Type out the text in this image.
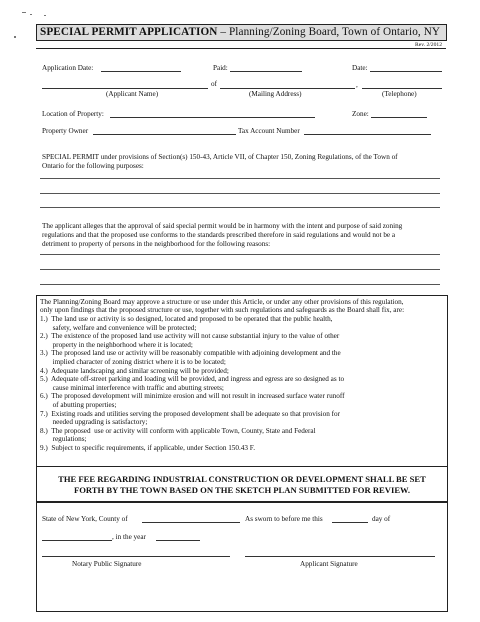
SPECIAL PERMIT APPLICATION – Planning/Zoning Board, Town of Ontario, NY
Rev. 2/2012
Application Date:	Paid:	Date:
of	,
(Applicant Name)	(Mailing Address)	(Telephone)
Location of Property:	Zone:
Property Owner	Tax Account Number
SPECIAL PERMIT under provisions of Section(s) 150-43, Article VII, of Chapter 150, Zoning Regulations, of the Town of
Ontario for the following purposes:
The applicant alleges that the approval of said special permit would be in harmony with the intent and purpose of said zoning
regulations and that the proposed use conforms to the standards prescribed therefore in said regulations and would not be a
detriment to property of persons in the neighborhood for the following reasons:
The Planning/Zoning Board may approve a structure or use under this Article, or under any other provisions of this regulation,
only upon findings that the proposed structure or use, together with such regulations and safeguards as the Board shall fix, are:
1.)  The land use or activity is so designed, located and proposed to be operated that the public health,
safety, welfare and convenience will be protected;
2.)  The existence of the proposed land use activity will not cause substantial injury to the value of other
property in the neighborhood where it is located;
3.)  The proposed land use or activity will be reasonably compatible with adjoining development and the
implied character of zoning district where it is to be located;
4.)  Adequate landscaping and similar screening will be provided;
5.)  Adequate off-street parking and loading will be provided, and ingress and egress are so designed as to
cause minimal interference with traffic and abutting streets;
6.)  The proposed development will minimize erosion and will not result in increased surface water runoff
of abutting properties;
7.)  Existing roads and utilities serving the proposed development shall be adequate so that provision for
needed upgrading is satisfactory;
8.)  The proposed  use or activity will conform with applicable Town, County, State and Federal
regulations;
9.)  Subject to specific requirements, if applicable, under Section 150.43 F.
THE FEE REGARDING INDUSTRIAL CONSTRUCTION OR DEVELOPMENT SHALL BE SET
FORTH BY THE TOWN BASED ON THE SKETCH PLAN SUBMITTED FOR REVIEW.
State of New York, County of	As sworn to before me this	day of
, in the year
Notary Public Signature	Applicant Signature
